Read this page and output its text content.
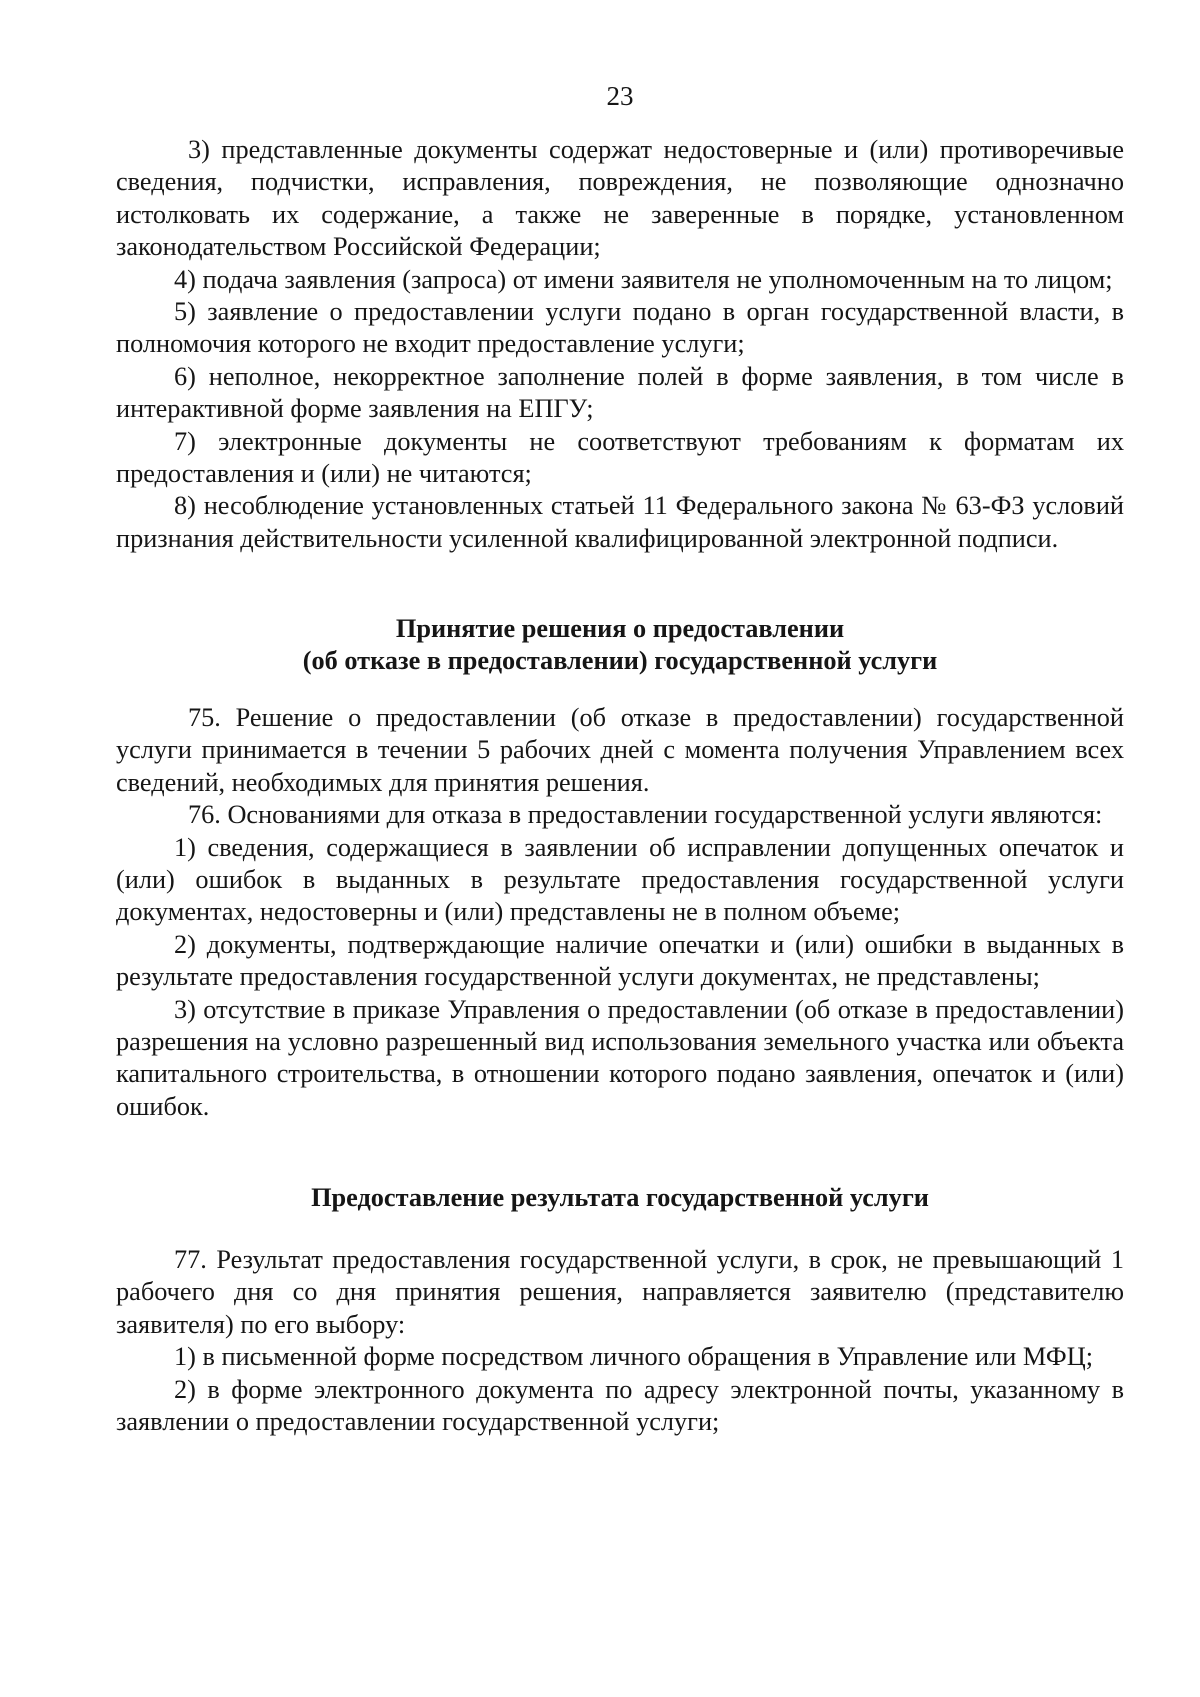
23

3) представленные документы содержат недостоверные и (или) противоречивые сведения, подчистки, исправления, повреждения, не позволяющие однозначно истолковать их содержание, а также не заверенные в порядке, установленном законодательством Российской Федерации;

4) подача заявления (запроса) от имени заявителя не уполномоченным на то лицом;

5) заявление о предоставлении услуги подано в орган государственной власти, в полномочия которого не входит предоставление услуги;

6) неполное, некорректное заполнение полей в форме заявления, в том числе в интерактивной форме заявления на ЕПГУ;

7) электронные документы не соответствуют требованиям к форматам их предоставления и (или) не читаются;

8) несоблюдение установленных статьей 11 Федерального закона № 63-ФЗ условий признания действительности усиленной квалифицированной электронной подписи.

Принятие решения о предоставлении
(об отказе в предоставлении) государственной услуги

75. Решение о предоставлении (об отказе в предоставлении) государственной услуги принимается в течении 5 рабочих дней с момента получения Управлением всех сведений, необходимых для принятия решения.

76. Основаниями для отказа в предоставлении государственной услуги являются:

1) сведения, содержащиеся в заявлении об исправлении допущенных опечаток и (или) ошибок в выданных в результате предоставления государственной услуги документах, недостоверны и (или) представлены не в полном объеме;

2) документы, подтверждающие наличие опечатки и (или) ошибки в выданных в результате предоставления государственной услуги документах, не представлены;

3) отсутствие в приказе Управления о предоставлении (об отказе в предоставлении) разрешения на условно разрешенный вид использования земельного участка или объекта капитального строительства, в отношении которого подано заявления, опечаток и (или) ошибок.

Предоставление результата государственной услуги

77. Результат предоставления государственной услуги, в срок, не превышающий 1 рабочего дня со дня принятия решения, направляется заявителю (представителю заявителя) по его выбору:

1) в письменной форме посредством личного обращения в Управление или МФЦ;

2) в форме электронного документа по адресу электронной почты, указанному в заявлении о предоставлении государственной услуги;
